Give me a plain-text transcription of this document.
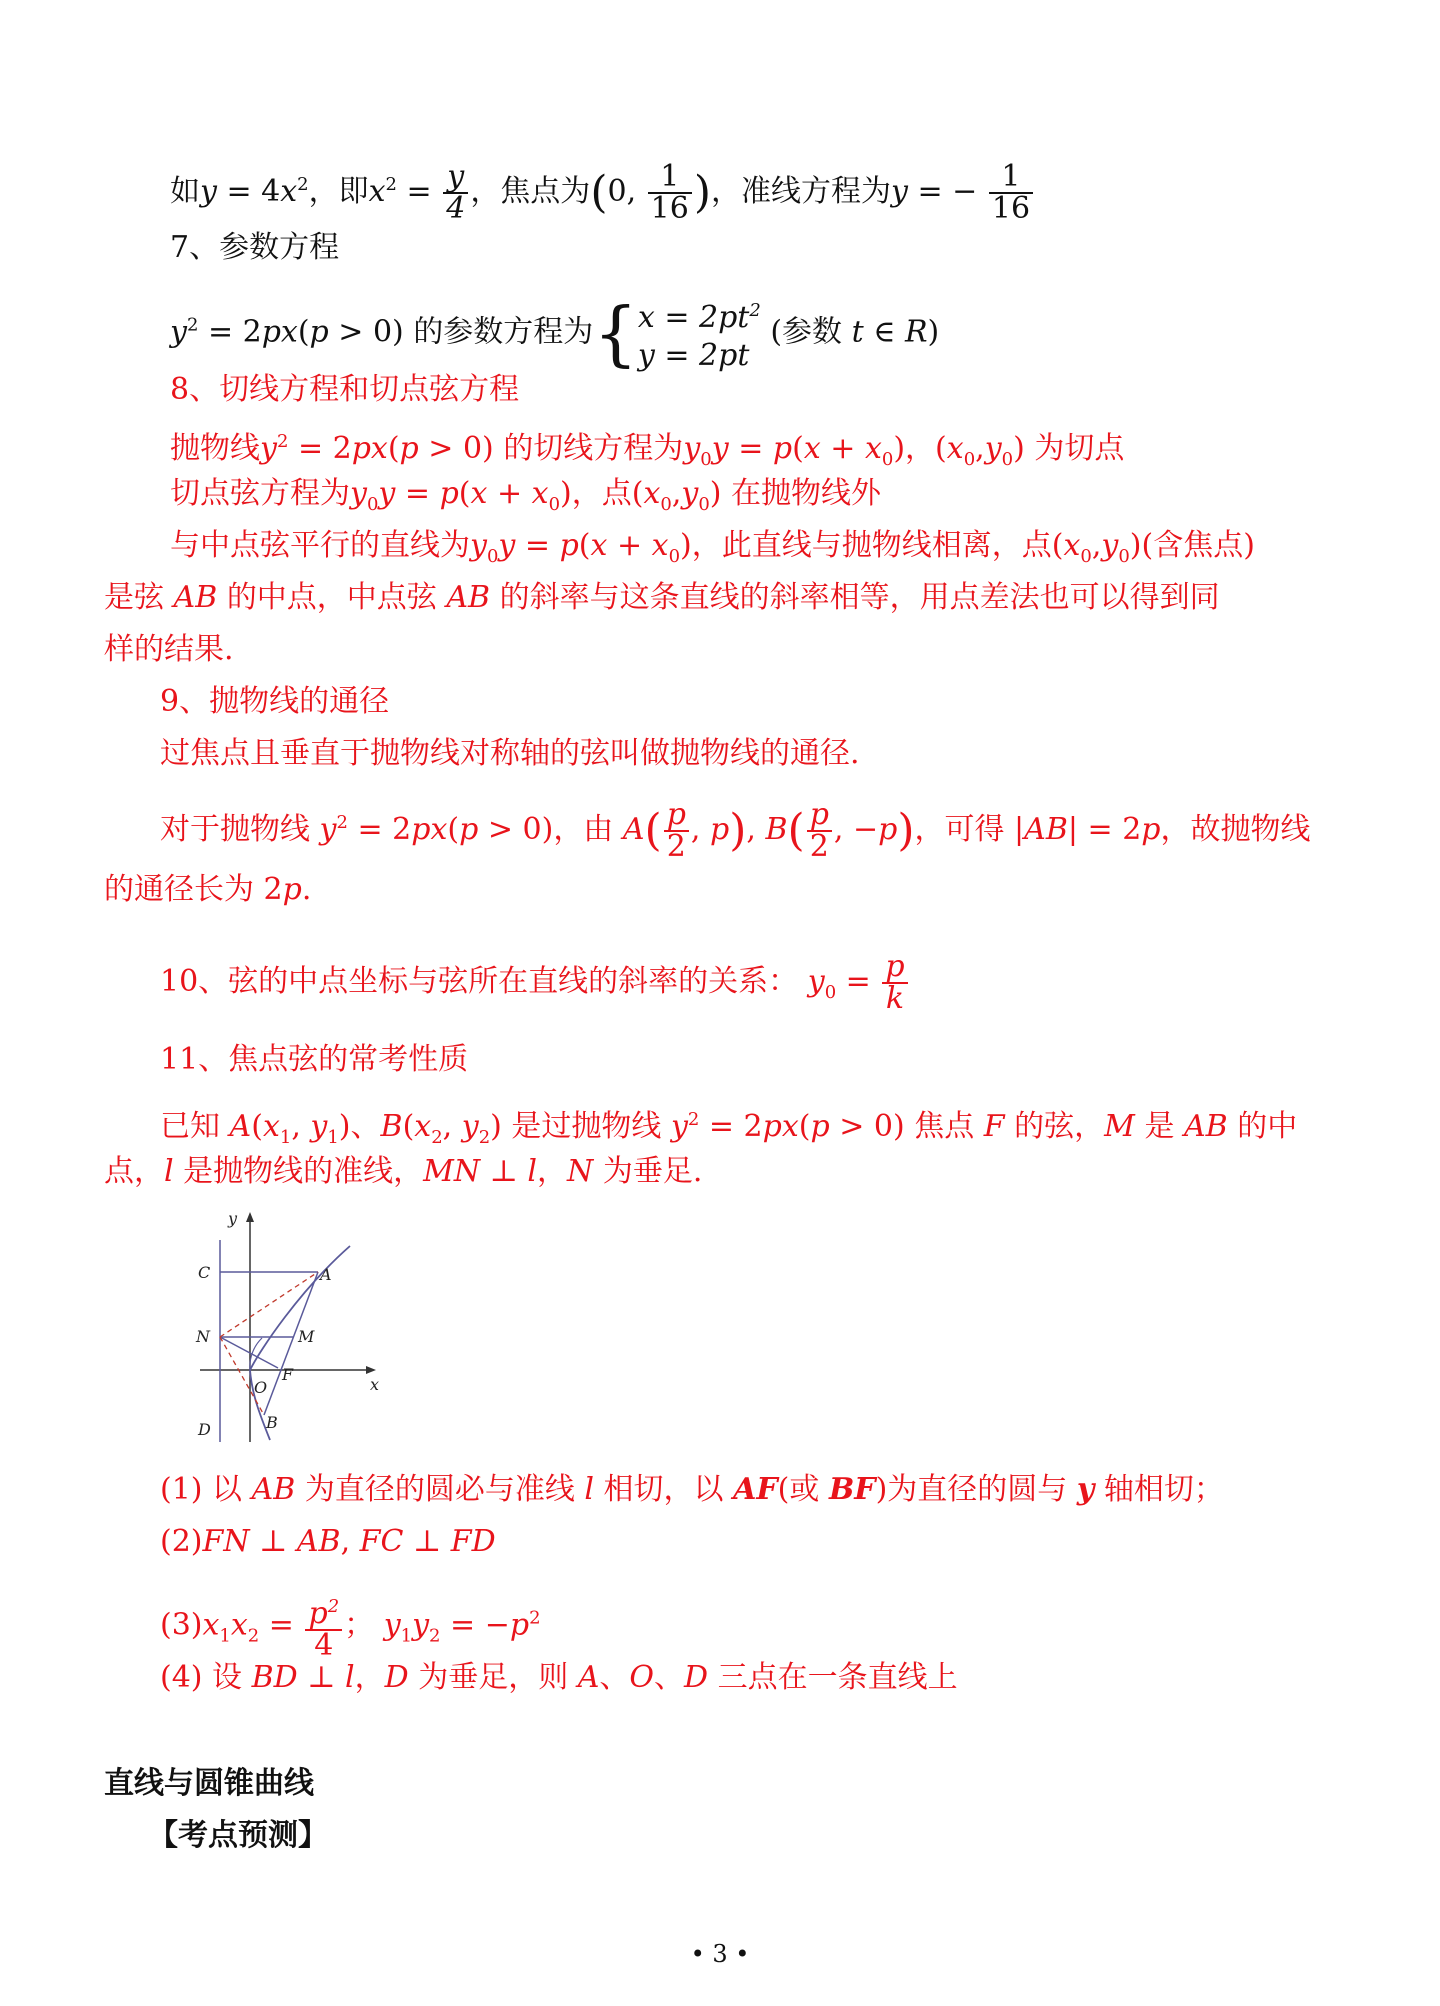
如$y = 4x^2$，即$x^2 = \frac{y}{4}$ ，焦点为(0, $\frac{1}{16}$ )，准线方程为y = − $\frac{1}{16}$
7、参数方程
$y^2 = 2px(p > 0)$ 的参数方程为{ $x = 2pt^2$
y = 2pt
(参数 t ∈ R)
8、切线方程和切点弦方程
抛物线$y^2 = 2px(p > 0)$ 的切线方程为$y_0y = p(x + x_0)$，$(x_0,y_0)$ 为切点
切点弦方程为$y_0y = p(x + x_0)$，点$(x_0,y_0)$ 在抛物线外
与中点弦平行的直线为$y_0y = p(x + x_0)$，此直线与抛物线相离，点$(x_0,y_0)$(含焦点)
是弦 AB 的中点，中点弦 AB 的斜率与这条直线的斜率相等，用点差法也可以得到同
样的结果.
9、抛物线的通径
过焦点且垂直于抛物线对称轴的弦叫做抛物线的通径.
对于抛物线 $y^2 = 2px(p > 0)$，由 $A( \frac{p}{2}$ , p), $B( \frac{p}{2}$ , −p)，可得 |AB| = 2p，故抛物线
的通径长为 2p.
10、弦的中点坐标与弦所在直线的斜率的关系： $y_0 = \frac{p}{k}$
11、焦点弦的常考性质
已知 $A(x_1$, $y_1$)、$B(x_2$, $y_2$) 是过抛物线 $y^2 = 2px(p > 0)$ 焦点 F 的弦，M 是 AB 的中
点，l 是抛物线的准线，MN ⊥ l，N 为垂足.
y
x
C	A
N	M
O
F
D	B
(1) 以 AB 为直径的圆必与准线 l 相切，以 AF(或 BF)为直径的圆与 y 轴相切；
(2)FN ⊥ AB, FC ⊥ FD
$(3)x_1x_2 = \frac{p^2}{4}$ ； $y_1y_2 = -p^2$
(4) 设 BD ⊥ l，D 为垂足，则 A、O、D 三点在一条直线上
直线与圆锥曲线
【考点预测】
• 3 •
